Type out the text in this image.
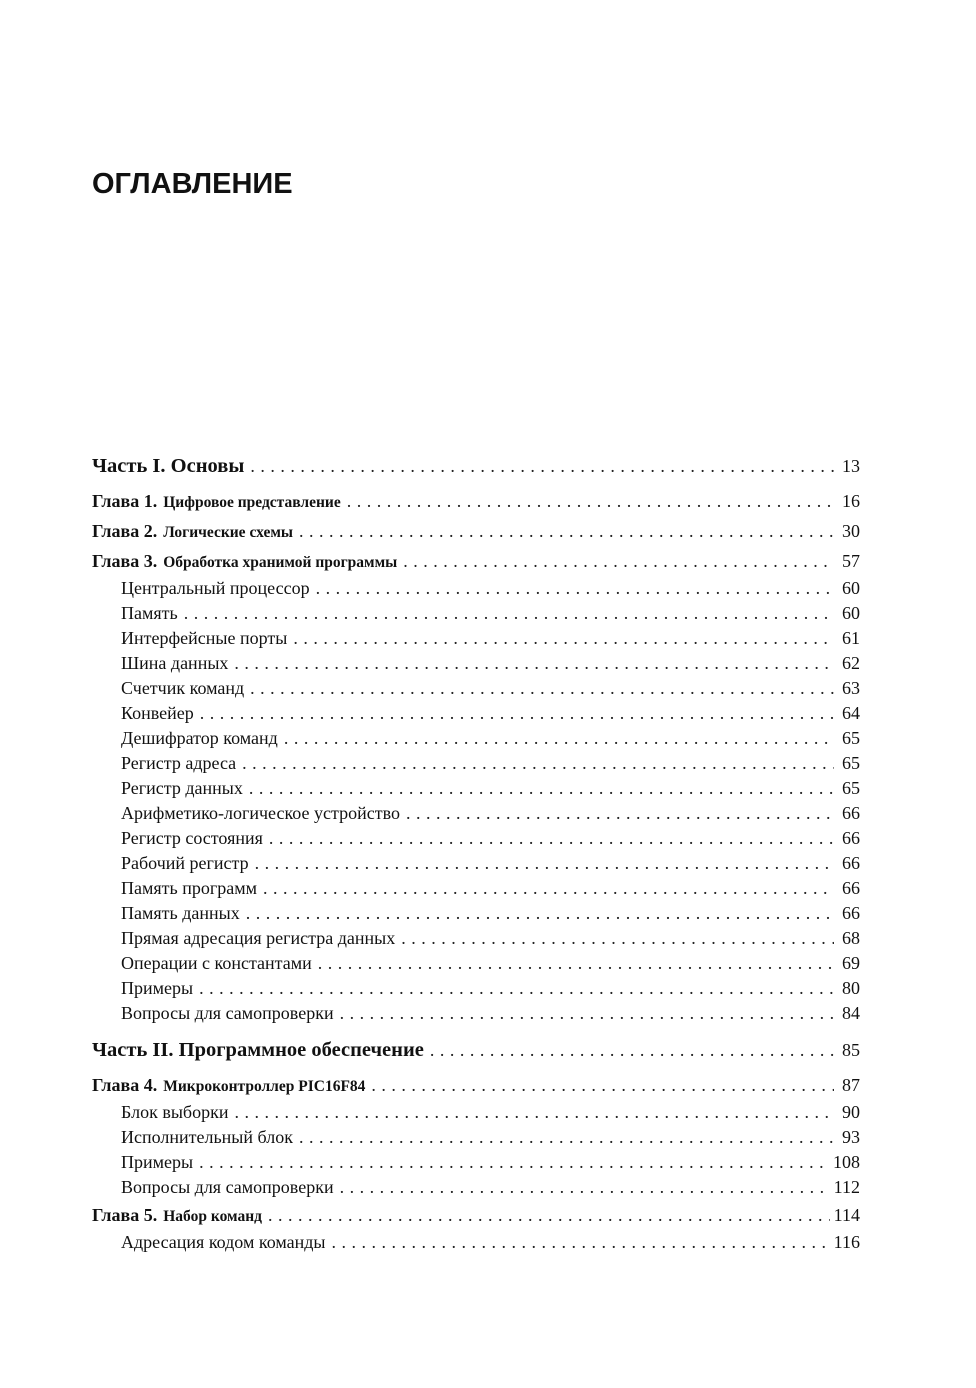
ОГЛАВЛЕНИЕ
Часть I. Основы . . .	13
Глава 1. Цифровое представление . . .	16
Глава 2. Логические схемы . . .	30
Глава 3. Обработка хранимой программы . . .	57
Центральный процессор . . .	60
Память . . .	60
Интерфейсные порты . . .	61
Шина данных . . .	62
Счетчик команд . . .	63
Конвейер . . .	64
Дешифратор команд . . .	65
Регистр адреса . . .	65
Регистр данных . . .	65
Арифметико-логическое устройство . . .	66
Регистр состояния . . .	66
Рабочий регистр . . .	66
Память программ . . .	66
Память данных . . .	66
Прямая адресация регистра данных . . .	68
Операции с константами . . .	69
Примеры . . .	80
Вопросы для самопроверки . . .	84
Часть II. Программное обеспечение . . .	85
Глава 4. Микроконтроллер PIC16F84 . . .	87
Блок выборки . . .	90
Исполнительный блок . . .	93
Примеры . . .	108
Вопросы для самопроверки . . .	112
Глава 5. Набор команд . . .	114
Адресация кодом команды . . .	116
